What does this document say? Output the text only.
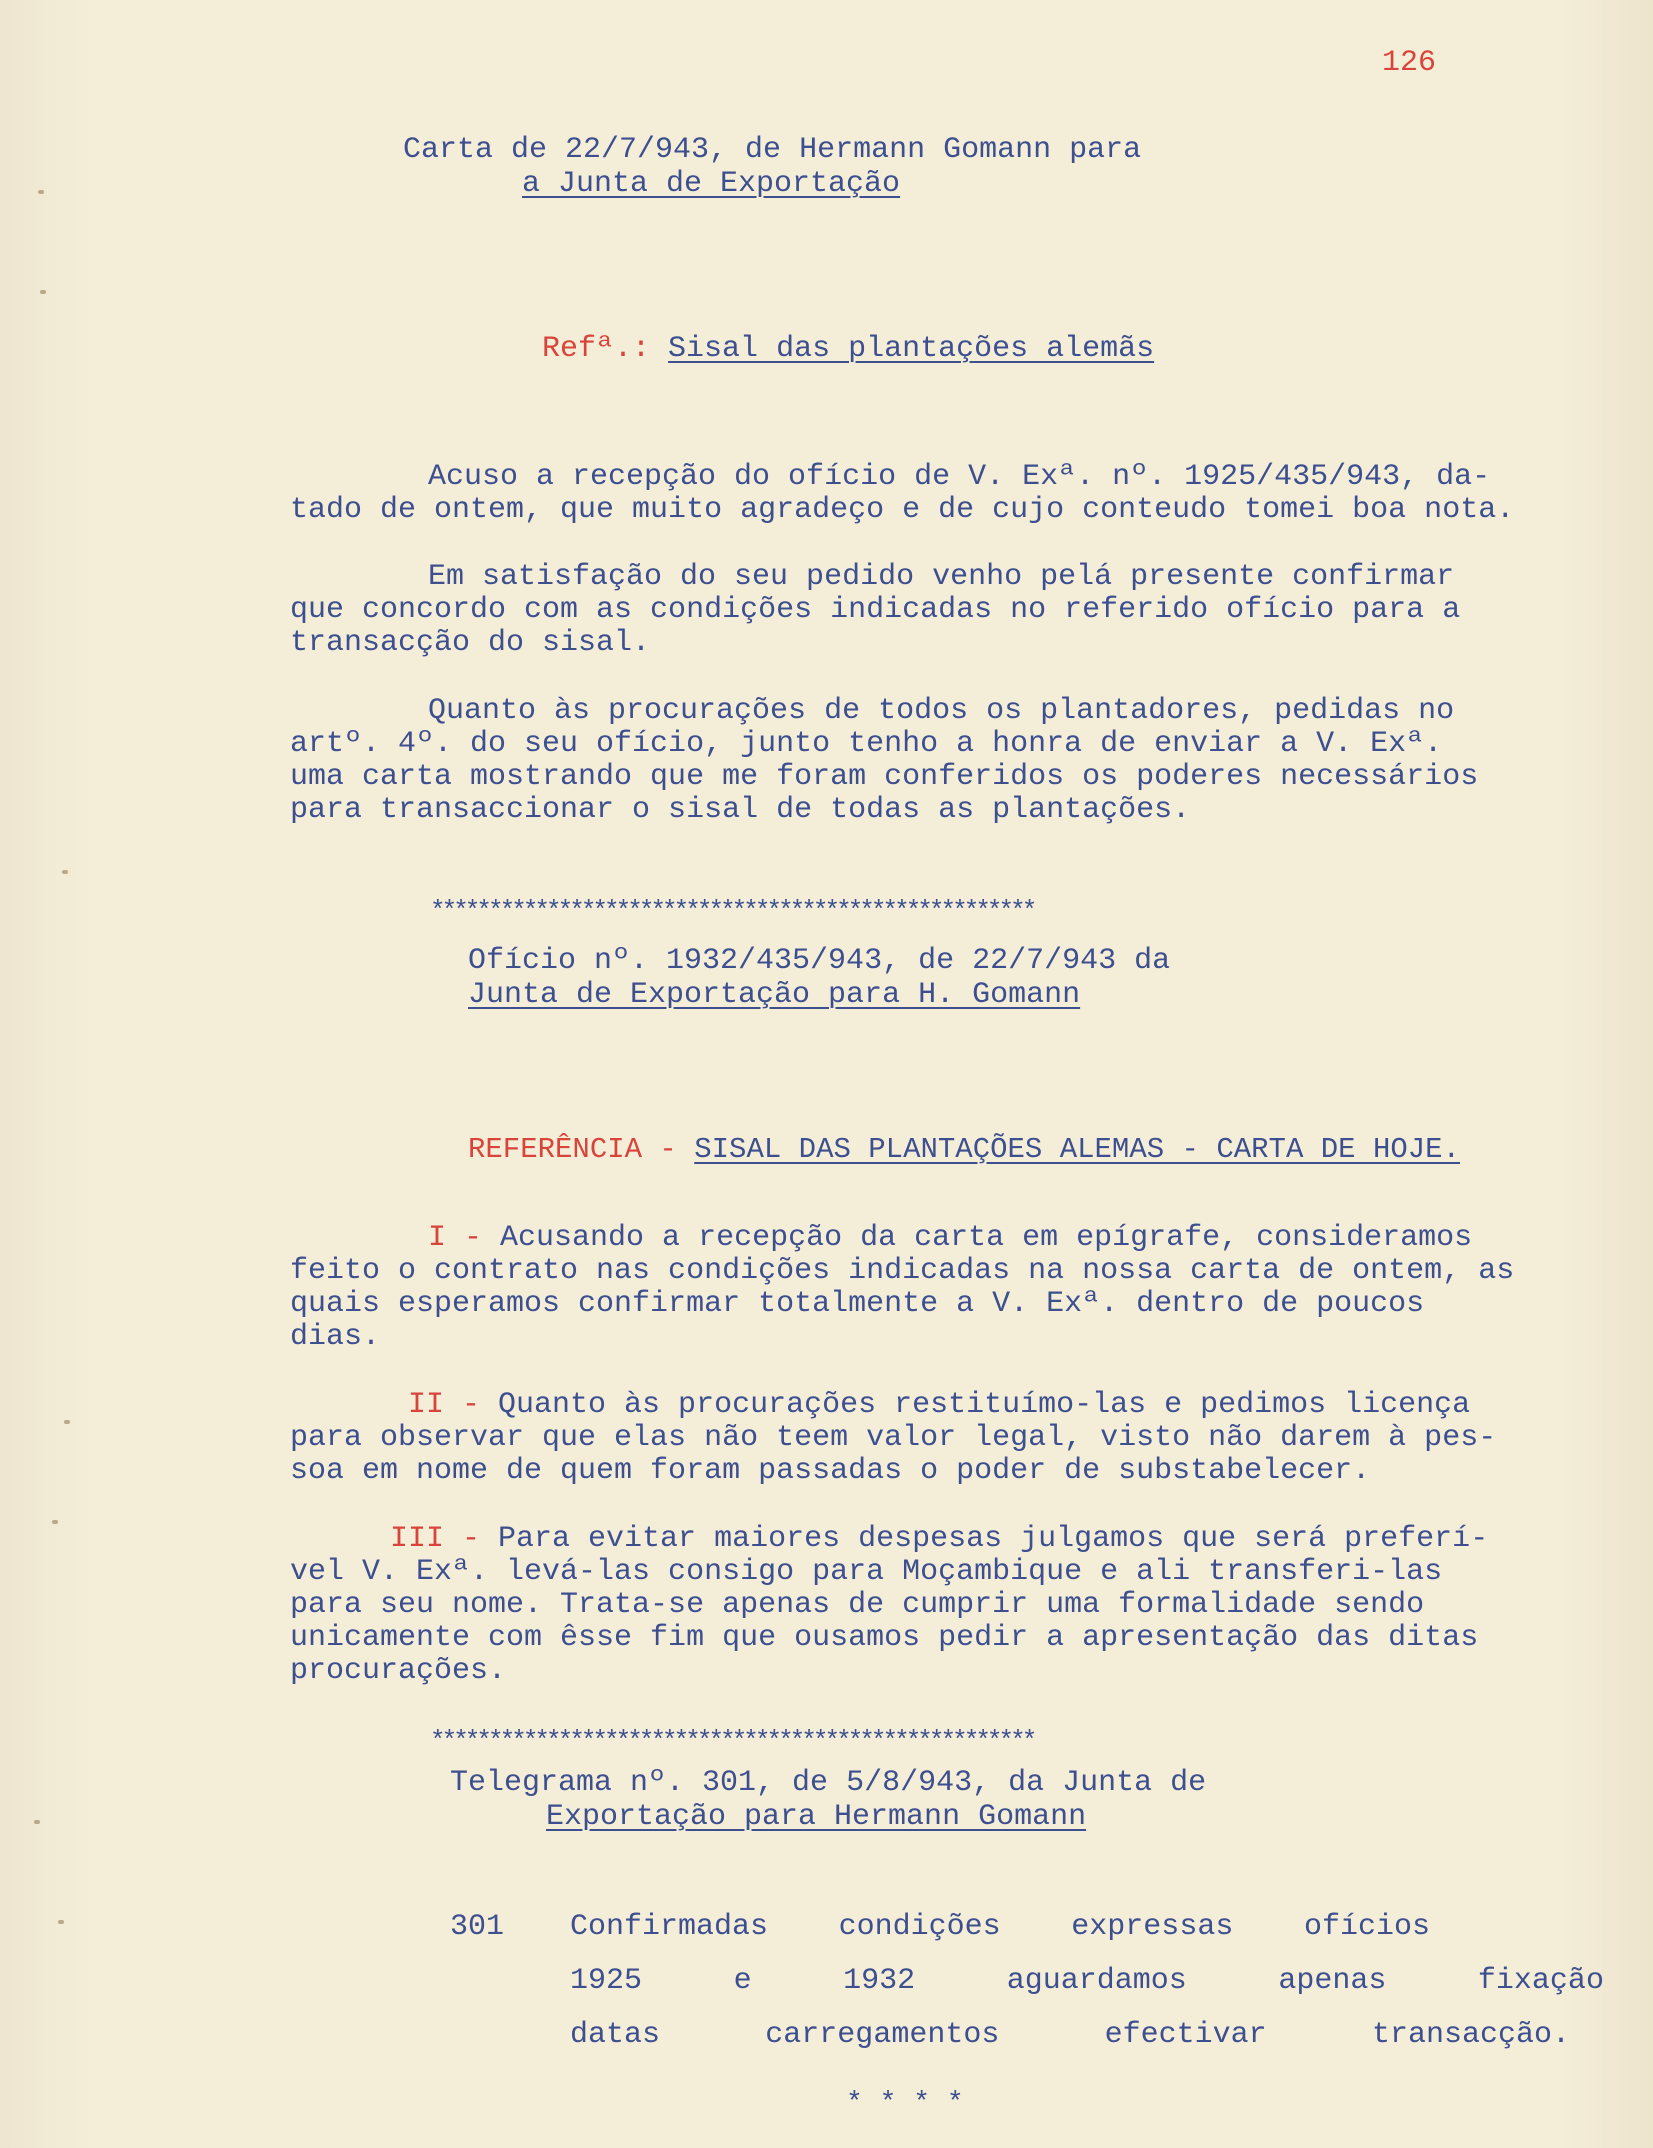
126
Carta de 22/7/943, de Hermann Gomann para
a Junta de Exportação
Refª.: Sisal das plantações alemãs
Acuso a recepção do ofício de V. Exª. nº. 1925/435/943, da-
tado de ontem, que muito agradeço e de cujo conteudo tomei boa nota.
Em satisfação do seu pedido venho pelá presente confirmar
que concordo com as condições indicadas no referido ofício para a
transacção do sisal.
Quanto às procurações de todos os plantadores, pedidas no
artº. 4º. do seu ofício, junto tenho a honra de enviar a V. Exª.
uma carta mostrando que me foram conferidos os poderes necessários
para transaccionar o sisal de todas as plantações.
****************************************************
Ofício nº. 1932/435/943, de 22/7/943 da
Junta de Exportação para H. Gomann
REFERÊNCIA - SISAL DAS PLANTAÇÕES ALEMAS - CARTA DE HOJE.
I - Acusando a recepção da carta em epígrafe, consideramos
feito o contrato nas condições indicadas na nossa carta de ontem, as
quais esperamos confirmar totalmente a V. Exª. dentro de poucos
dias.
II - Quanto às procurações restituímo-las e pedimos licença
para observar que elas não teem valor legal, visto não darem à pes-
soa em nome de quem foram passadas o poder de substabelecer.
III - Para evitar maiores despesas julgamos que será preferí-
vel V. Exª. levá-las consigo para Moçambique e ali transferi-las
para seu nome. Trata-se apenas de cumprir uma formalidade sendo
unicamente com êsse fim que ousamos pedir a apresentação das ditas
procurações.
****************************************************
Telegrama nº. 301, de 5/8/943, da Junta de
Exportação para Hermann Gomann
301 Confirmadas condições expressas ofícios
1925	e	1932	aguardamos	apenas	fixação
datas	carregamentos	efectivar	transacção.
* * * *
